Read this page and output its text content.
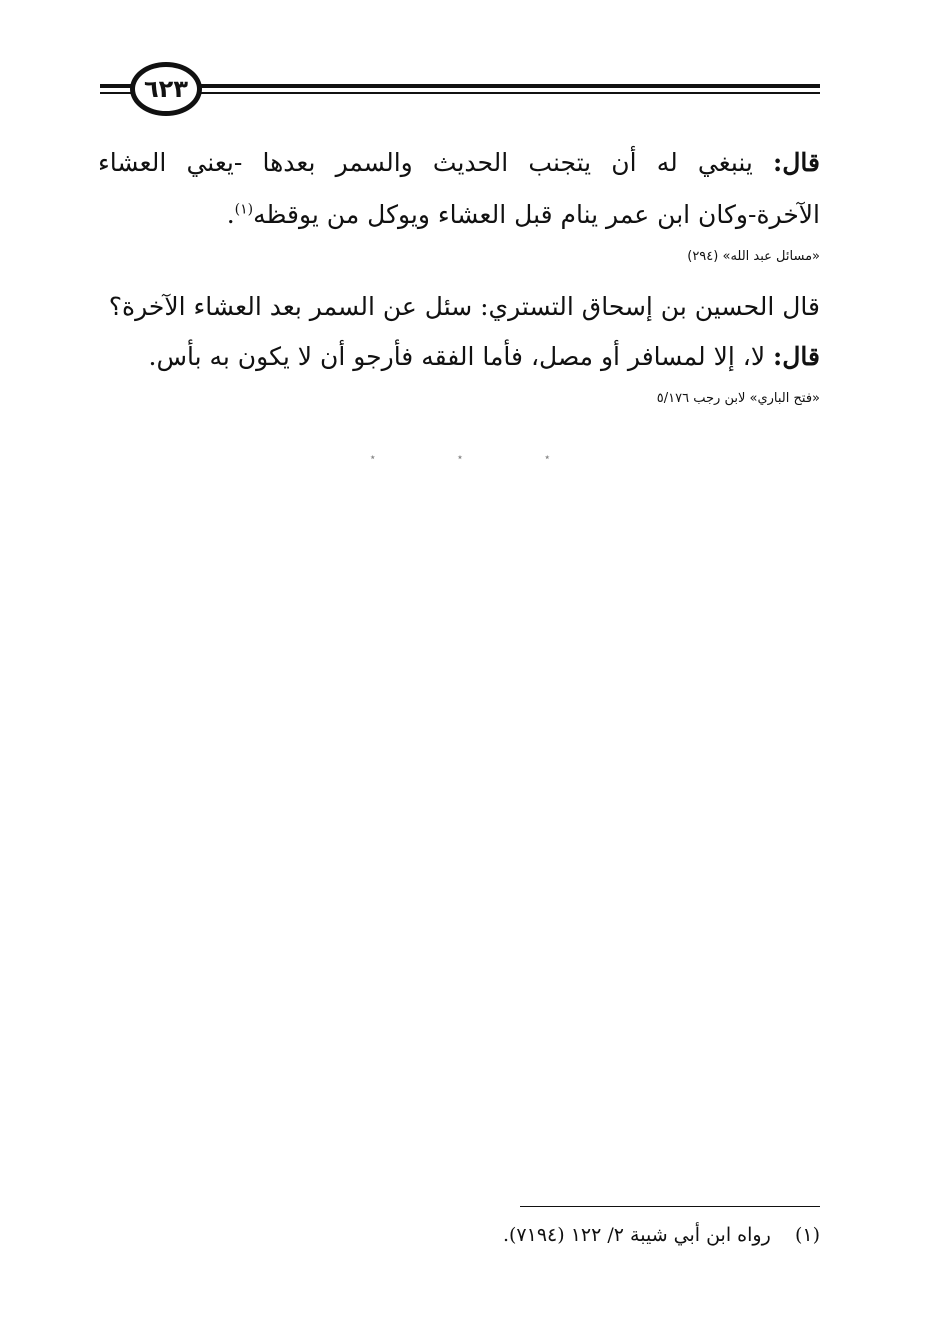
٦٢٣
قال: ينبغي له أن يتجنب الحديث والسمر بعدها -يعني العشاء
الآخرة-وكان ابن عمر ينام قبل العشاء ويوكل من يوقظه$^{(١)}$.
«مسائل عبد الله» (٢٩٤)
قال الحسين بن إسحاق التستري: سئل عن السمر بعد العشاء الآخرة؟
قال: لا، إلا لمسافر أو مصل، فأما الفقه فأرجو أن لا يكون به بأس.
«فتح الباري» لابن رجب ٥/١٧٦
٭	٭	٭
(١)    رواه ابن أبي شيبة ٢/ ١٢٢ (٧١٩٤).
